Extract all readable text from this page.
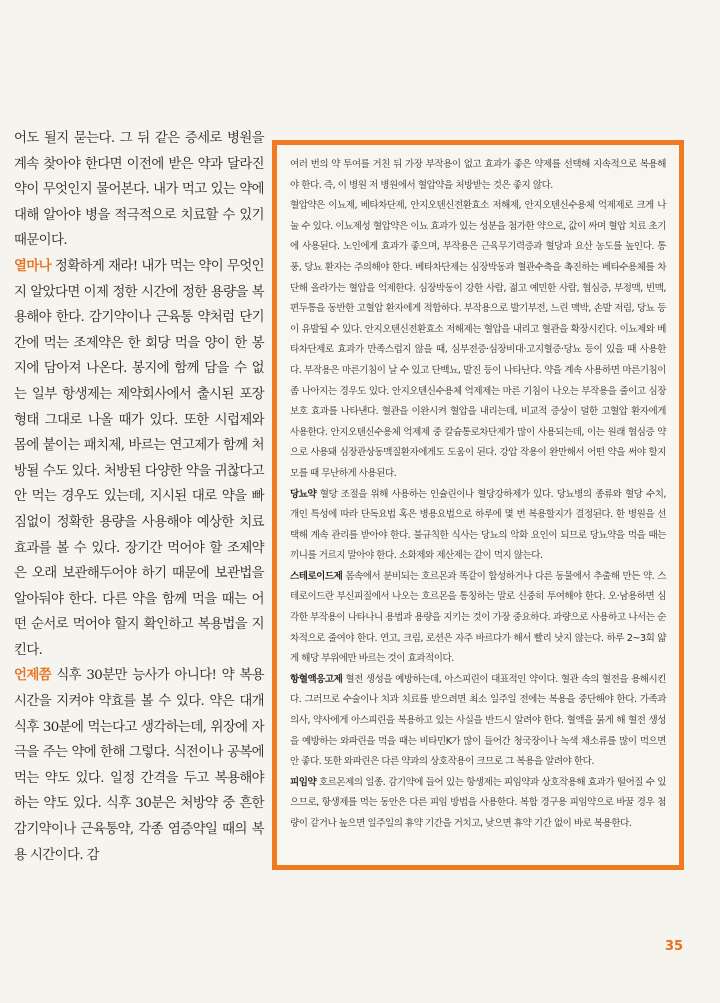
어도 될지 묻는다. 그 뒤 같은 증세로 병원을 계속 찾아야 한다면 이전에 받은 약과 달라진 약이 무엇인지 물어본다. 내가 먹고 있는 약에 대해 알아야 병을 적극적으로 치료할 수 있기 때문이다.

열마나 정확하게 재라! 내가 먹는 약이 무엇인지 알았다면 이제 정한 시간에 정한 용량을 복용해야 한다. 감기약이나 근육통 약처럼 단기간에 먹는 조제약은 한 회당 먹을 양이 한 봉지에 담아져 나온다. 봉지에 함께 담을 수 없는 일부 항생제는 제약회사에서 출시된 포장 형태 그대로 나올 때가 있다. 또한 시럽제와 몸에 붙이는 패치제, 바르는 연고제가 함께 처방될 수도 있다. 처방된 다양한 약을 귀찮다고 안 먹는 경우도 있는데, 지시된 대로 약을 빠짐없이 정확한 용량을 사용해야 예상한 치료 효과를 볼 수 있다. 장기간 먹어야 할 조제약은 오래 보관해두어야 하기 때문에 보관법을 알아둬야 한다. 다른 약을 함께 먹을 때는 어떤 순서로 먹어야 할지 확인하고 복용법을 지킨다.

언제쯤 식후 30분만 능사가 아니다! 약 복용 시간을 지켜야 약효를 볼 수 있다. 약은 대개 식후 30분에 먹는다고 생각하는데, 위장에 자극을 주는 약에 한해 그렇다. 식전이나 공복에 먹는 약도 있다. 일정 간격을 두고 복용해야 하는 약도 있다. 식후 30분은 처방약 중 흔한 감기약이나 근육통약, 각종 염증약일 때의 복용 시간이다. 감

여러 번의 약 투여를 거친 뒤 가장 부작용이 없고 효과가 좋은 약제를 선택해 지속적으로 복용해야 한다. 즉, 이 병원 저 병원에서 혈압약을 처방받는 것은 좋지 않다.

혈압약은 이뇨제, 베타차단제, 안지오텐신전환효소 저해제, 안지오텐신수용체 억제제로 크게 나눌 수 있다. 이뇨제성 혈압약은 이뇨 효과가 있는 성분을 첨가한 약으로, 값이 싸며 혈압 치료 초기에 사용된다. 노인에게 효과가 좋으며, 부작용은 근육무기력증과 혈당과 요산 농도를 높인다. 통풍, 당뇨 환자는 주의해야 한다. 베타차단제는 심장박동과 혈관수축을 촉진하는 베타수용체를 차단해 올라가는 혈압을 억제한다. 심장박동이 강한 사람, 젊고 예민한 사람, 협심증, 부정맥, 빈맥, 편두통을 동반한 고혈압 환자에게 적합하다. 부작용으로 발기부전, 느린 맥박, 손발 저림, 당뇨 등이 유발될 수 있다. 안지오텐신전환효소 저해제는 혈압을 내리고 혈관을 확장시킨다. 이뇨제와 베타차단제로 효과가 만족스럽지 않을 때, 심부전증·심장비대·고지혈증·당뇨 등이 있을 때 사용한다. 부작용은 마른기침이 날 수 있고 단백뇨, 발진 등이 나타난다. 약을 계속 사용하면 마른기침이 좀 나아지는 경우도 있다. 안지오텐신수용체 억제제는 마른 기침이 나오는 부작용을 줄이고 심장 보호 효과를 나타낸다. 혈관을 이완시켜 혈압을 내리는데, 비교적 증상이 덜한 고혈압 환자에게 사용한다. 안지오텐신수용체 억제제 중 칼슘통로차단제가 많이 사용되는데, 이는 원래 협심증 약으로 사용돼 심장관상동맥질환자에게도 도움이 된다. 강압 작용이 완만해서 어떤 약을 써야 할지 모를 때 무난하게 사용된다.

당뇨약 혈당 조절을 위해 사용하는 인슐린이나 혈당강하제가 있다. 당뇨병의 종류와 혈당 수치, 개인 특성에 따라 단독요법 혹은 병용요법으로 하루에 몇 번 복용할지가 결정된다. 한 병원을 선택해 계속 관리를 받아야 한다. 불규칙한 식사는 당뇨의 악화 요인이 되므로 당뇨약을 먹을 때는 끼니를 거르지 말아야 한다. 소화제와 제산제는 같이 먹지 않는다.

스테로이드제 몸속에서 분비되는 호르몬과 똑같이 합성하거나 다른 동물에서 추출해 만든 약. 스테로이드란 부신피질에서 나오는 호르몬을 통칭하는 말로 신중히 투여해야 한다. 오·남용하면 심각한 부작용이 나타나니 용법과 용량을 지키는 것이 가장 중요하다. 과량으로 사용하고 나서는 순차적으로 줄여야 한다. 연고, 크림, 로션은 자주 바르다가 해서 빨리 낫지 않는다. 하루 2~3회 얇게 해당 부위에만 바르는 것이 효과적이다.

항혈액응고제 혈전 생성을 예방하는데, 아스피린이 대표적인 약이다. 혈관 속의 혈전을 용해시킨다. 그러므로 수술이나 치과 치료를 받으려면 최소 일주일 전에는 복용을 중단해야 한다. 가족과 의사, 약사에게 아스피린을 복용하고 있는 사실을 반드시 알려야 한다. 혈액을 묽게 해 혈전 생성을 예방하는 와파린을 먹을 때는 비타민K가 많이 들어간 청국장이나 녹색 채소류를 많이 먹으면 안 좋다. 또한 와파린은 다른 약과의 상호작용이 크므로 그 복용을 알려야 한다.

피임약 호르몬제의 일종. 감기약에 들어 있는 항생제는 피임약과 상호작용해 효과가 떨어질 수 있으므로, 항생제를 먹는 동안은 다른 피임 방법을 사용한다. 복합 경구용 피임약으로 바꿀 경우 첨량이 같거나 높으면 일주일의 휴약 기간을 거치고, 낮으면 휴약 기간 없이 바로 복용한다.

35
